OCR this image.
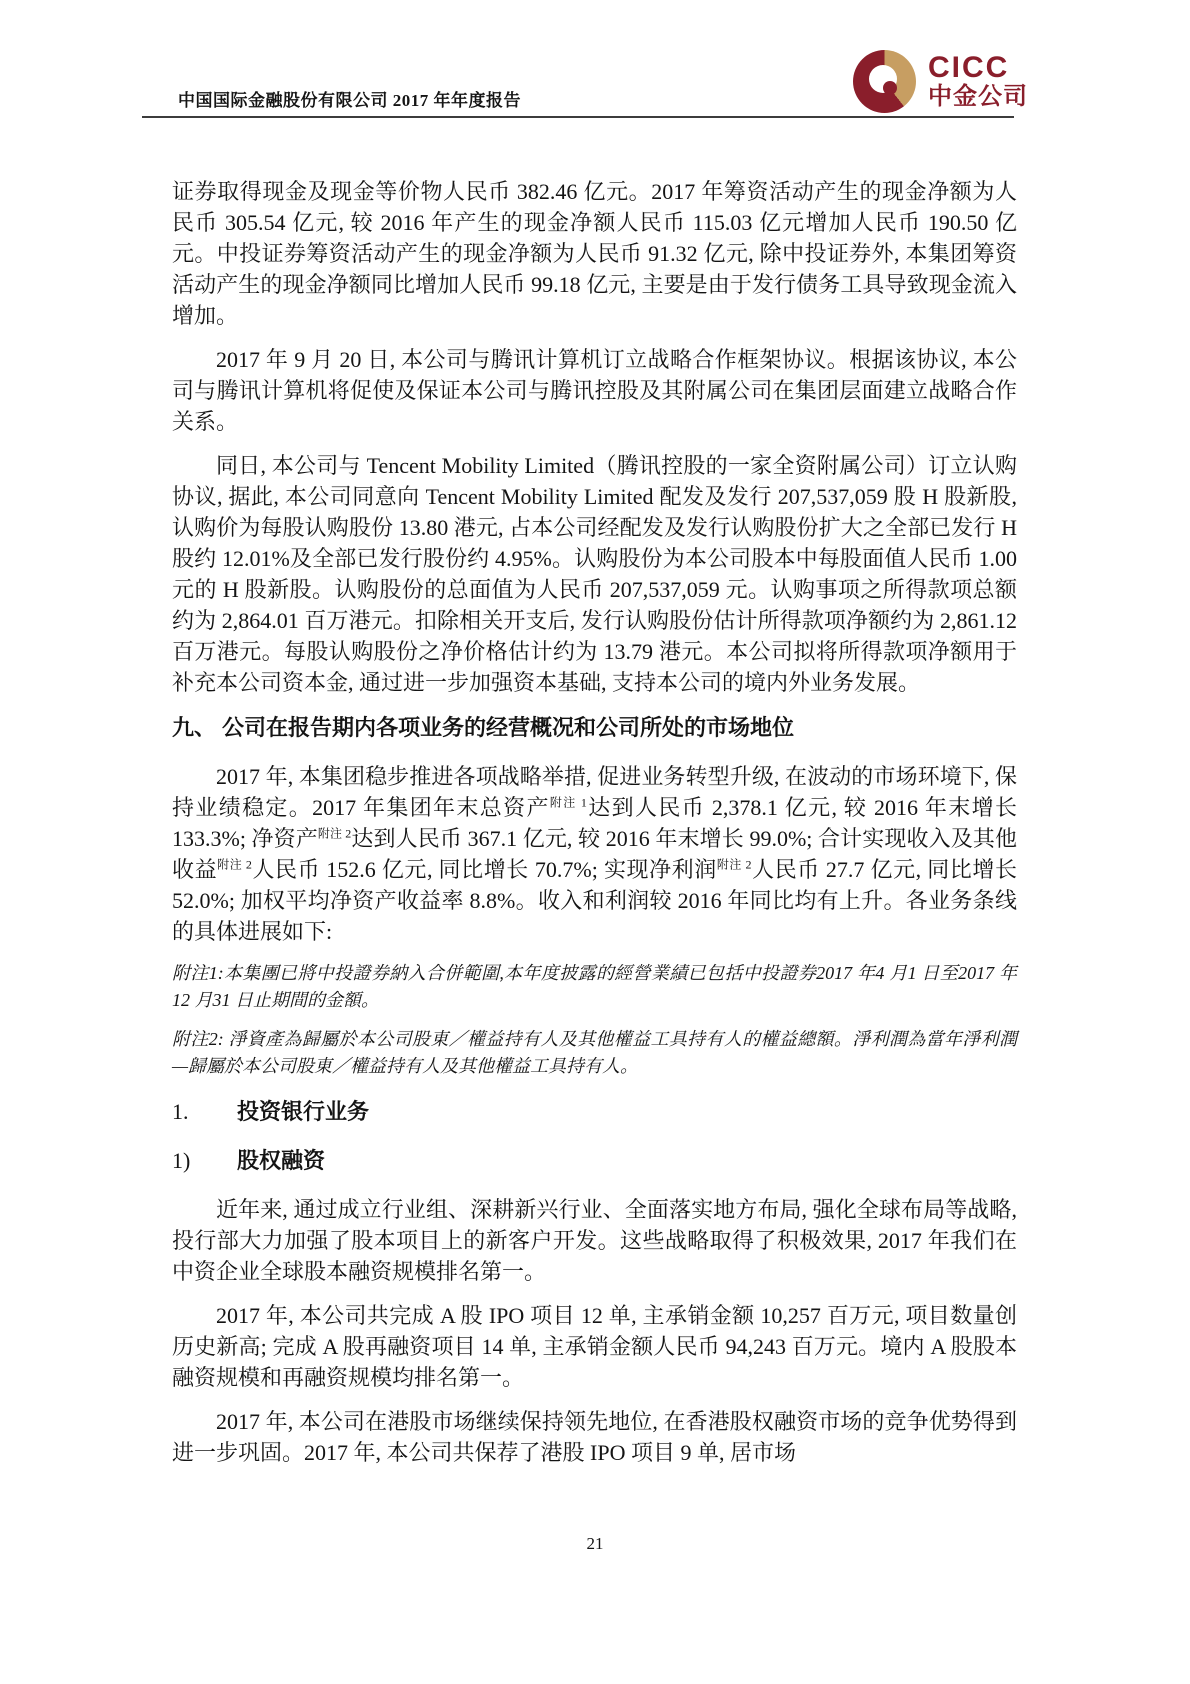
中国国际金融股份有限公司 2017 年年度报告
CICC
中金公司

证券取得现金及现金等价物人民币 382.46 亿元。2017 年筹资活动产生的现金净额为人民币 305.54 亿元, 较 2016 年产生的现金净额人民币 115.03 亿元增加人民币 190.50 亿元。中投证券筹资活动产生的现金净额为人民币 91.32 亿元, 除中投证券外, 本集团筹资活动产生的现金净额同比增加人民币 99.18 亿元, 主要是由于发行债务工具导致现金流入增加。

2017 年 9 月 20 日, 本公司与腾讯计算机订立战略合作框架协议。根据该协议, 本公司与腾讯计算机将促使及保证本公司与腾讯控股及其附属公司在集团层面建立战略合作关系。

同日, 本公司与 Tencent Mobility Limited（腾讯控股的一家全资附属公司）订立认购协议, 据此, 本公司同意向 Tencent Mobility Limited 配发及发行 207,537,059 股 H 股新股, 认购价为每股认购股份 13.80 港元, 占本公司经配发及发行认购股份扩大之全部已发行 H 股约 12.01%及全部已发行股份约 4.95%。认购股份为本公司股本中每股面值人民币 1.00 元的 H 股新股。认购股份的总面值为人民币 207,537,059 元。认购事项之所得款项总额约为 2,864.01 百万港元。扣除相关开支后, 发行认购股份估计所得款项净额约为 2,861.12 百万港元。每股认购股份之净价格估计约为 13.79 港元。本公司拟将所得款项净额用于补充本公司资本金, 通过进一步加强资本基础, 支持本公司的境内外业务发展。

九、 公司在报告期内各项业务的经营概况和公司所处的市场地位

2017 年, 本集团稳步推进各项战略举措, 促进业务转型升级, 在波动的市场环境下, 保持业绩稳定。2017 年集团年末总资产$^{附注 1}$达到人民币 2,378.1 亿元, 较 2016 年末增长 133.3%; 净资产$^{附注 2}$达到人民币 367.1 亿元, 较 2016 年末增长 99.0%; 合计实现收入及其他收益$^{附注 2}$人民币 152.6 亿元, 同比增长 70.7%; 实现净利润$^{附注 2}$人民币 27.7 亿元, 同比增长 52.0%; 加权平均净资产收益率 8.8%。收入和利润较 2016 年同比均有上升。各业务条线的具体进展如下:

附注1:本集團已將中投證券納入合併範圍,本年度披露的經營業績已包括中投證券2017 年4 月1 日至2017 年12 月31 日止期間的金額。

附注2: 淨資產為歸屬於本公司股東／權益持有人及其他權益工具持有人的權益總額。淨利潤為當年淨利潤—歸屬於本公司股東／權益持有人及其他權益工具持有人。

1.	投资银行业务
1)	股权融资

近年来, 通过成立行业组、深耕新兴行业、全面落实地方布局, 强化全球布局等战略, 投行部大力加强了股本项目上的新客户开发。这些战略取得了积极效果, 2017 年我们在中资企业全球股本融资规模排名第一。

2017 年, 本公司共完成 A 股 IPO 项目 12 单, 主承销金额 10,257 百万元, 项目数量创历史新高; 完成 A 股再融资项目 14 单, 主承销金额人民币 94,243 百万元。境内 A 股股本融资规模和再融资规模均排名第一。

2017 年, 本公司在港股市场继续保持领先地位, 在香港股权融资市场的竞争优势得到进一步巩固。2017 年, 本公司共保荐了港股 IPO 项目 9 单, 居市场

21
